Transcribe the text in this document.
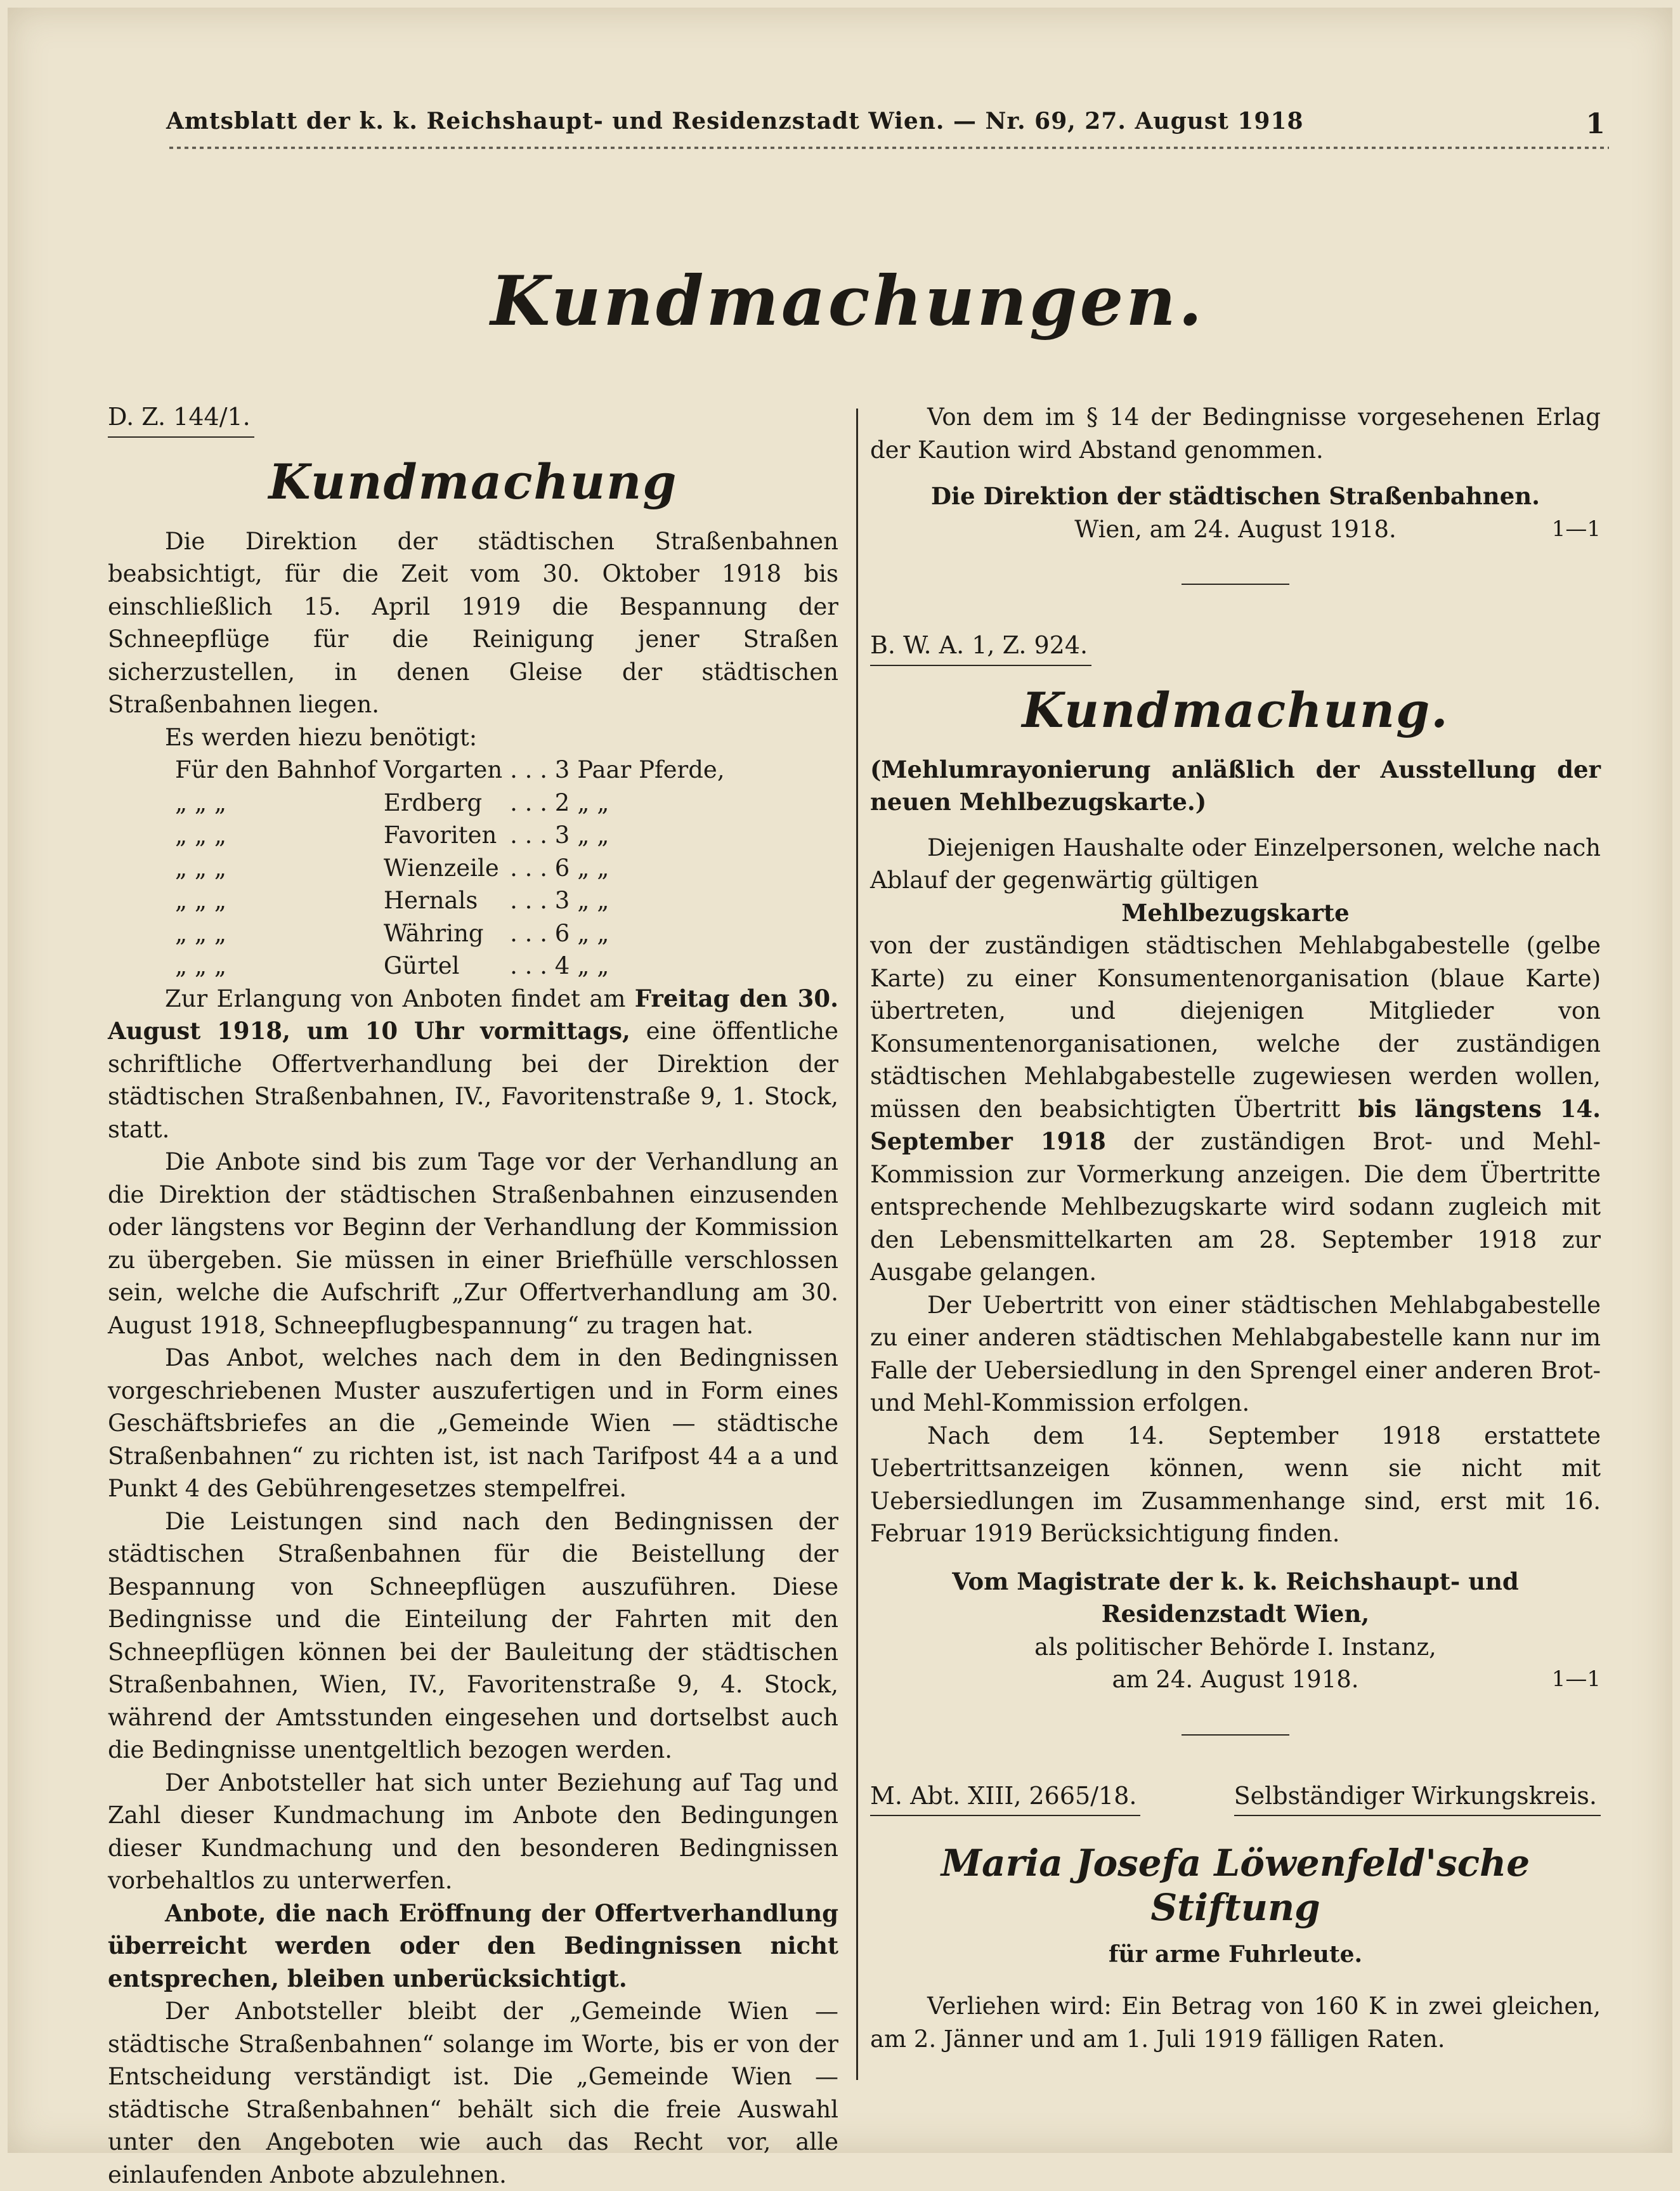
Amtsblatt der k. k. Reichshaupt- und Residenzstadt Wien. — Nr. 69, 27. August 1918	1
Kundmachungen.
D. Z. 144/1.
Kundmachung

Die Direktion der städtischen Straßenbahnen beabsichtigt, für die Zeit vom 30. Oktober 1918 bis einschließlich 15. April 1919 die Bespannung der Schneepflüge für die Reinigung jener Straßen sicherzustellen, in denen Gleise der städtischen Straßenbahnen liegen.

Es werden hiezu benötigt:

Für den Bahnhof	Vorgarten	. . . 3	Paar Pferde,
„ „ „	Erdberg	. . . 2	„ „
„ „ „	Favoriten	. . . 3	„ „
„ „ „	Wienzeile	. . . 6	„ „
„ „ „	Hernals	. . . 3	„ „
„ „ „	Währing	. . . 6	„ „
„ „ „	Gürtel	. . . 4	„ „

Zur Erlangung von Anboten findet am Freitag den 30. August 1918, um 10 Uhr vormittags, eine öffentliche schriftliche Offertverhandlung bei der Direktion der städtischen Straßenbahnen, IV., Favoritenstraße 9, 1. Stock, statt.

Die Anbote sind bis zum Tage vor der Verhandlung an die Direktion der städtischen Straßenbahnen einzusenden oder längstens vor Beginn der Verhandlung der Kommission zu übergeben. Sie müssen in einer Briefhülle verschlossen sein, welche die Aufschrift „Zur Offertverhandlung am 30. August 1918, Schneepflugbespannung“ zu tragen hat.

Das Anbot, welches nach dem in den Bedingnissen vorgeschriebenen Muster auszufertigen und in Form eines Geschäftsbriefes an die „Gemeinde Wien — städtische Straßenbahnen“ zu richten ist, ist nach Tarifpost 44 a a und Punkt 4 des Gebührengesetzes stempelfrei.

Die Leistungen sind nach den Bedingnissen der städtischen Straßenbahnen für die Beistellung der Bespannung von Schneepflügen auszuführen. Diese Bedingnisse und die Einteilung der Fahrten mit den Schneepflügen können bei der Bauleitung der städtischen Straßenbahnen, Wien, IV., Favoritenstraße 9, 4. Stock, während der Amtsstunden eingesehen und dortselbst auch die Bedingnisse unentgeltlich bezogen werden.

Der Anbotsteller hat sich unter Beziehung auf Tag und Zahl dieser Kundmachung im Anbote den Bedingungen dieser Kundmachung und den besonderen Bedingnissen vorbehaltlos zu unterwerfen.

Anbote, die nach Eröffnung der Offertverhandlung überreicht werden oder den Bedingnissen nicht entsprechen, bleiben unberücksichtigt.

Der Anbotsteller bleibt der „Gemeinde Wien — städtische Straßenbahnen“ solange im Worte, bis er von der Entscheidung verständigt ist. Die „Gemeinde Wien — städtische Straßenbahnen“ behält sich die freie Auswahl unter den Angeboten wie auch das Recht vor, alle einlaufenden Anbote abzulehnen.

Von dem im § 14 der Bedingnisse vorgesehenen Erlag der Kaution wird Abstand genommen.

Die Direktion der städtischen Straßenbahnen.
Wien, am 24. August 1918.	1—1
B. W. A. 1, Z. 924.
Kundmachung.

(Mehlumrayonierung anläßlich der Ausstellung der neuen Mehlbezugskarte.)

Diejenigen Haushalte oder Einzelpersonen, welche nach Ablauf der gegenwärtig gültigen

Mehlbezugskarte

von der zuständigen städtischen Mehlabgabestelle (gelbe Karte) zu einer Konsumentenorganisation (blaue Karte) übertreten, und diejenigen Mitglieder von Konsumentenorganisationen, welche der zuständigen städtischen Mehlabgabestelle zugewiesen werden wollen, müssen den beabsichtigten Übertritt bis längstens 14. September 1918 der zuständigen Brot- und Mehl-Kommission zur Vormerkung anzeigen. Die dem Übertritte entsprechende Mehlbezugskarte wird sodann zugleich mit den Lebensmittelkarten am 28. September 1918 zur Ausgabe gelangen.

Der Uebertritt von einer städtischen Mehlabgabestelle zu einer anderen städtischen Mehlabgabestelle kann nur im Falle der Uebersiedlung in den Sprengel einer anderen Brot- und Mehl-Kommission erfolgen.

Nach dem 14. September 1918 erstattete Uebertrittsanzeigen können, wenn sie nicht mit Uebersiedlungen im Zusammenhange sind, erst mit 16. Februar 1919 Berücksichtigung finden.

Vom Magistrate der k. k. Reichshaupt- und Residenzstadt Wien,
als politischer Behörde I. Instanz,
am 24. August 1918.	1—1
M. Abt. XIII, 2665/18.	Selbständiger Wirkungskreis.
Maria Josefa Löwenfeld'sche Stiftung
für arme Fuhrleute.

Verliehen wird: Ein Betrag von 160 K in zwei gleichen, am 2. Jänner und am 1. Juli 1919 fälligen Raten.
